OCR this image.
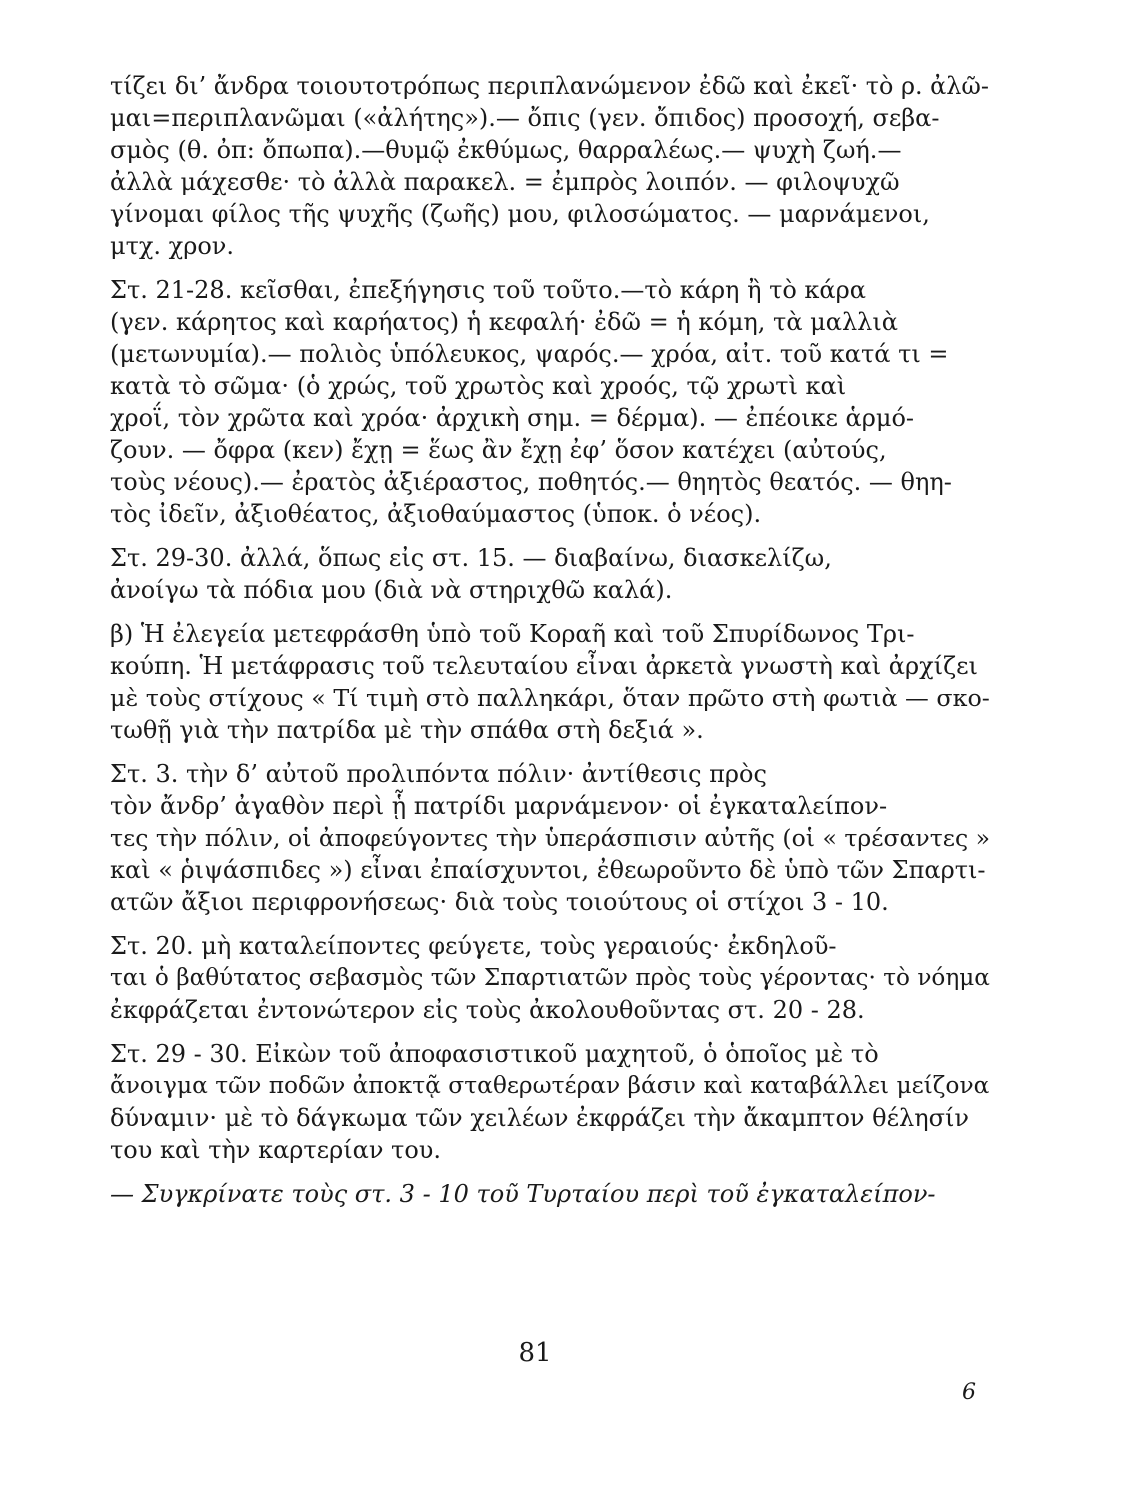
τίζει δι’ ἄνδρα τοιουτοτρόπως περιπλανώμενον ἐδῶ καὶ ἐκεῖ· τὸ ρ. ἀλῶ-
μαι=περιπλανῶμαι («ἀλήτης»).— ὄπις (γεν. ὄπιδος) προσοχή, σεβα-
σμὸς (θ. ὀπ: ὄπωπα).—θυμῷ ἐκθύμως, θαρραλέως.— ψυχὴ ζωή.—
ἀλλὰ μάχεσθε· τὸ ἀλλὰ παρακελ. = ἐμπρὸς λοιπόν. — φιλοψυχῶ
γίνομαι φίλος τῆς ψυχῆς (ζωῆς) μου, φιλοσώματος. — μαρνάμενοι,
μτχ. χρον.
Στ. 21-28. κεῖσθαι, ἐπεξήγησις τοῦ τοῦτο.—τὸ κάρη ἢ τὸ κάρα
(γεν. κάρητος καὶ καρήατος) ἡ κεφαλή· ἐδῶ = ἡ κόμη, τὰ μαλλιὰ
(μετωνυμία).— πολιὸς ὑπόλευκος, ψαρός.— χρόα, αἰτ. τοῦ κατά τι =
κατὰ τὸ σῶμα· (ὁ χρώς, τοῦ χρωτὸς καὶ χροός, τῷ χρωτὶ καὶ
χροΐ, τὸν χρῶτα καὶ χρόα· ἀρχικὴ σημ. = δέρμα). — ἐπέοικε ἁρμό-
ζουν. — ὄφρα (κεν) ἔχῃ = ἕως ἂν ἔχῃ ἐφ’ ὅσον κατέχει (αὐτούς,
τοὺς νέους).— ἐρατὸς ἀξιέραστος, ποθητός.— θηητὸς θεατός. — θηη-
τὸς ἰδεῖν, ἀξιοθέατος, ἀξιοθαύμαστος (ὑποκ. ὁ νέος).
Στ. 29-30. ἀλλά, ὅπως εἰς στ. 15. — διαβαίνω, διασκελίζω,
ἀνοίγω τὰ πόδια μου (διὰ νὰ στηριχθῶ καλά).
β) Ἡ ἐλεγεία μετεφράσθη ὑπὸ τοῦ Κοραῆ καὶ τοῦ Σπυρίδωνος Τρι-
κούπη. Ἡ μετάφρασις τοῦ τελευταίου εἶναι ἀρκετὰ γνωστὴ καὶ ἀρχίζει
μὲ τοὺς στίχους « Τί τιμὴ στὸ παλληκάρι, ὅταν πρῶτο στὴ φωτιὰ — σκο-
τωθῇ γιὰ τὴν πατρίδα μὲ τὴν σπάθα στὴ δεξιά ».
Στ. 3. τὴν δ’ αὐτοῦ προλιπόντα πόλιν· ἀντίθεσις πρὸς
τὸν ἄνδρ’ ἀγαθὸν περὶ ᾗ πατρίδι μαρνάμενον· οἱ ἐγκαταλείπον-
τες τὴν πόλιν, οἱ ἀποφεύγοντες τὴν ὑπεράσπισιν αὐτῆς (οἱ « τρέσαντες »
καὶ « ῥιψάσπιδες ») εἶναι ἐπαίσχυντοι, ἐθεωροῦντο δὲ ὑπὸ τῶν Σπαρτι-
ατῶν ἄξιοι περιφρονήσεως· διὰ τοὺς τοιούτους οἱ στίχοι 3 - 10.
Στ. 20. μὴ καταλείποντες φεύγετε, τοὺς γεραιούς· ἐκδηλοῦ-
ται ὁ βαθύτατος σεβασμὸς τῶν Σπαρτιατῶν πρὸς τοὺς γέροντας· τὸ νόημα
ἐκφράζεται ἐντονώτερον εἰς τοὺς ἀκολουθοῦντας στ. 20 - 28.
Στ. 29 - 30. Εἰκὼν τοῦ ἀποφασιστικοῦ μαχητοῦ, ὁ ὁποῖος μὲ τὸ
ἄνοιγμα τῶν ποδῶν ἀποκτᾷ σταθερωτέραν βάσιν καὶ καταβάλλει μείζονα
δύναμιν· μὲ τὸ δάγκωμα τῶν χειλέων ἐκφράζει τὴν ἄκαμπτον θέλησίν
του καὶ τὴν καρτερίαν του.
— Συγκρίνατε τοὺς στ. 3 - 10 τοῦ Τυρταίου περὶ τοῦ ἐγκαταλείπον-
81
6
